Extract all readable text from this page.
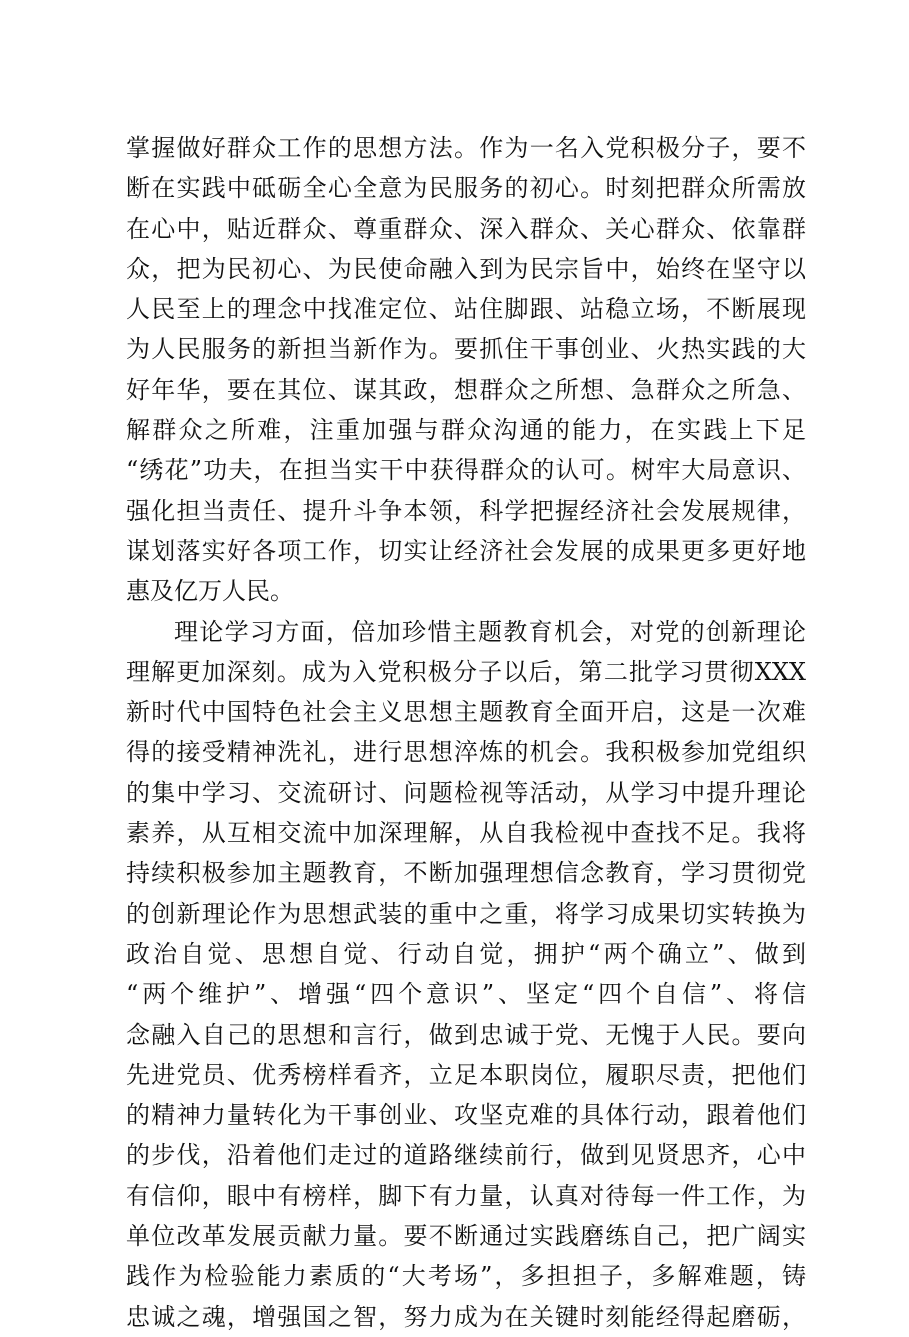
掌握做好群众工作的思想方法。作为一名入党积极分子，要不
断在实践中砥砺全心全意为民服务的初心。时刻把群众所需放
在心中，贴近群众、尊重群众、深入群众、关心群众、依靠群
众，把为民初心、为民使命融入到为民宗旨中，始终在坚守以
人民至上的理念中找准定位、站住脚跟、站稳立场，不断展现
为人民服务的新担当新作为。要抓住干事创业、火热实践的大
好年华，要在其位、谋其政，想群众之所想、急群众之所急、
解群众之所难，注重加强与群众沟通的能力，在实践上下足
“绣花”功夫，在担当实干中获得群众的认可。树牢大局意识、
强化担当责任、提升斗争本领，科学把握经济社会发展规律，
谋划落实好各项工作，切实让经济社会发展的成果更多更好地
惠及亿万人民。
理论学习方面，倍加珍惜主题教育机会，对党的创新理论
理解更加深刻。成为入党积极分子以后，第二批学习贯彻XXX
新时代中国特色社会主义思想主题教育全面开启，这是一次难
得的接受精神洗礼，进行思想淬炼的机会。我积极参加党组织
的集中学习、交流研讨、问题检视等活动，从学习中提升理论
素养，从互相交流中加深理解，从自我检视中查找不足。我将
持续积极参加主题教育，不断加强理想信念教育，学习贯彻党
的创新理论作为思想武装的重中之重，将学习成果切实转换为
政治自觉、思想自觉、行动自觉，拥护“两个确立”、做到
“两个维护”、增强“四个意识”、坚定“四个自信”、将信
念融入自己的思想和言行，做到忠诚于党、无愧于人民。要向
先进党员、优秀榜样看齐，立足本职岗位，履职尽责，把他们
的精神力量转化为干事创业、攻坚克难的具体行动，跟着他们
的步伐，沿着他们走过的道路继续前行，做到见贤思齐，心中
有信仰，眼中有榜样，脚下有力量，认真对待每一件工作，为
单位改革发展贡献力量。要不断通过实践磨练自己，把广阔实
践作为检验能力素质的“大考场”，多担担子，多解难题，铸
忠诚之魂，增强国之智，努力成为在关键时刻能经得起磨砺，
